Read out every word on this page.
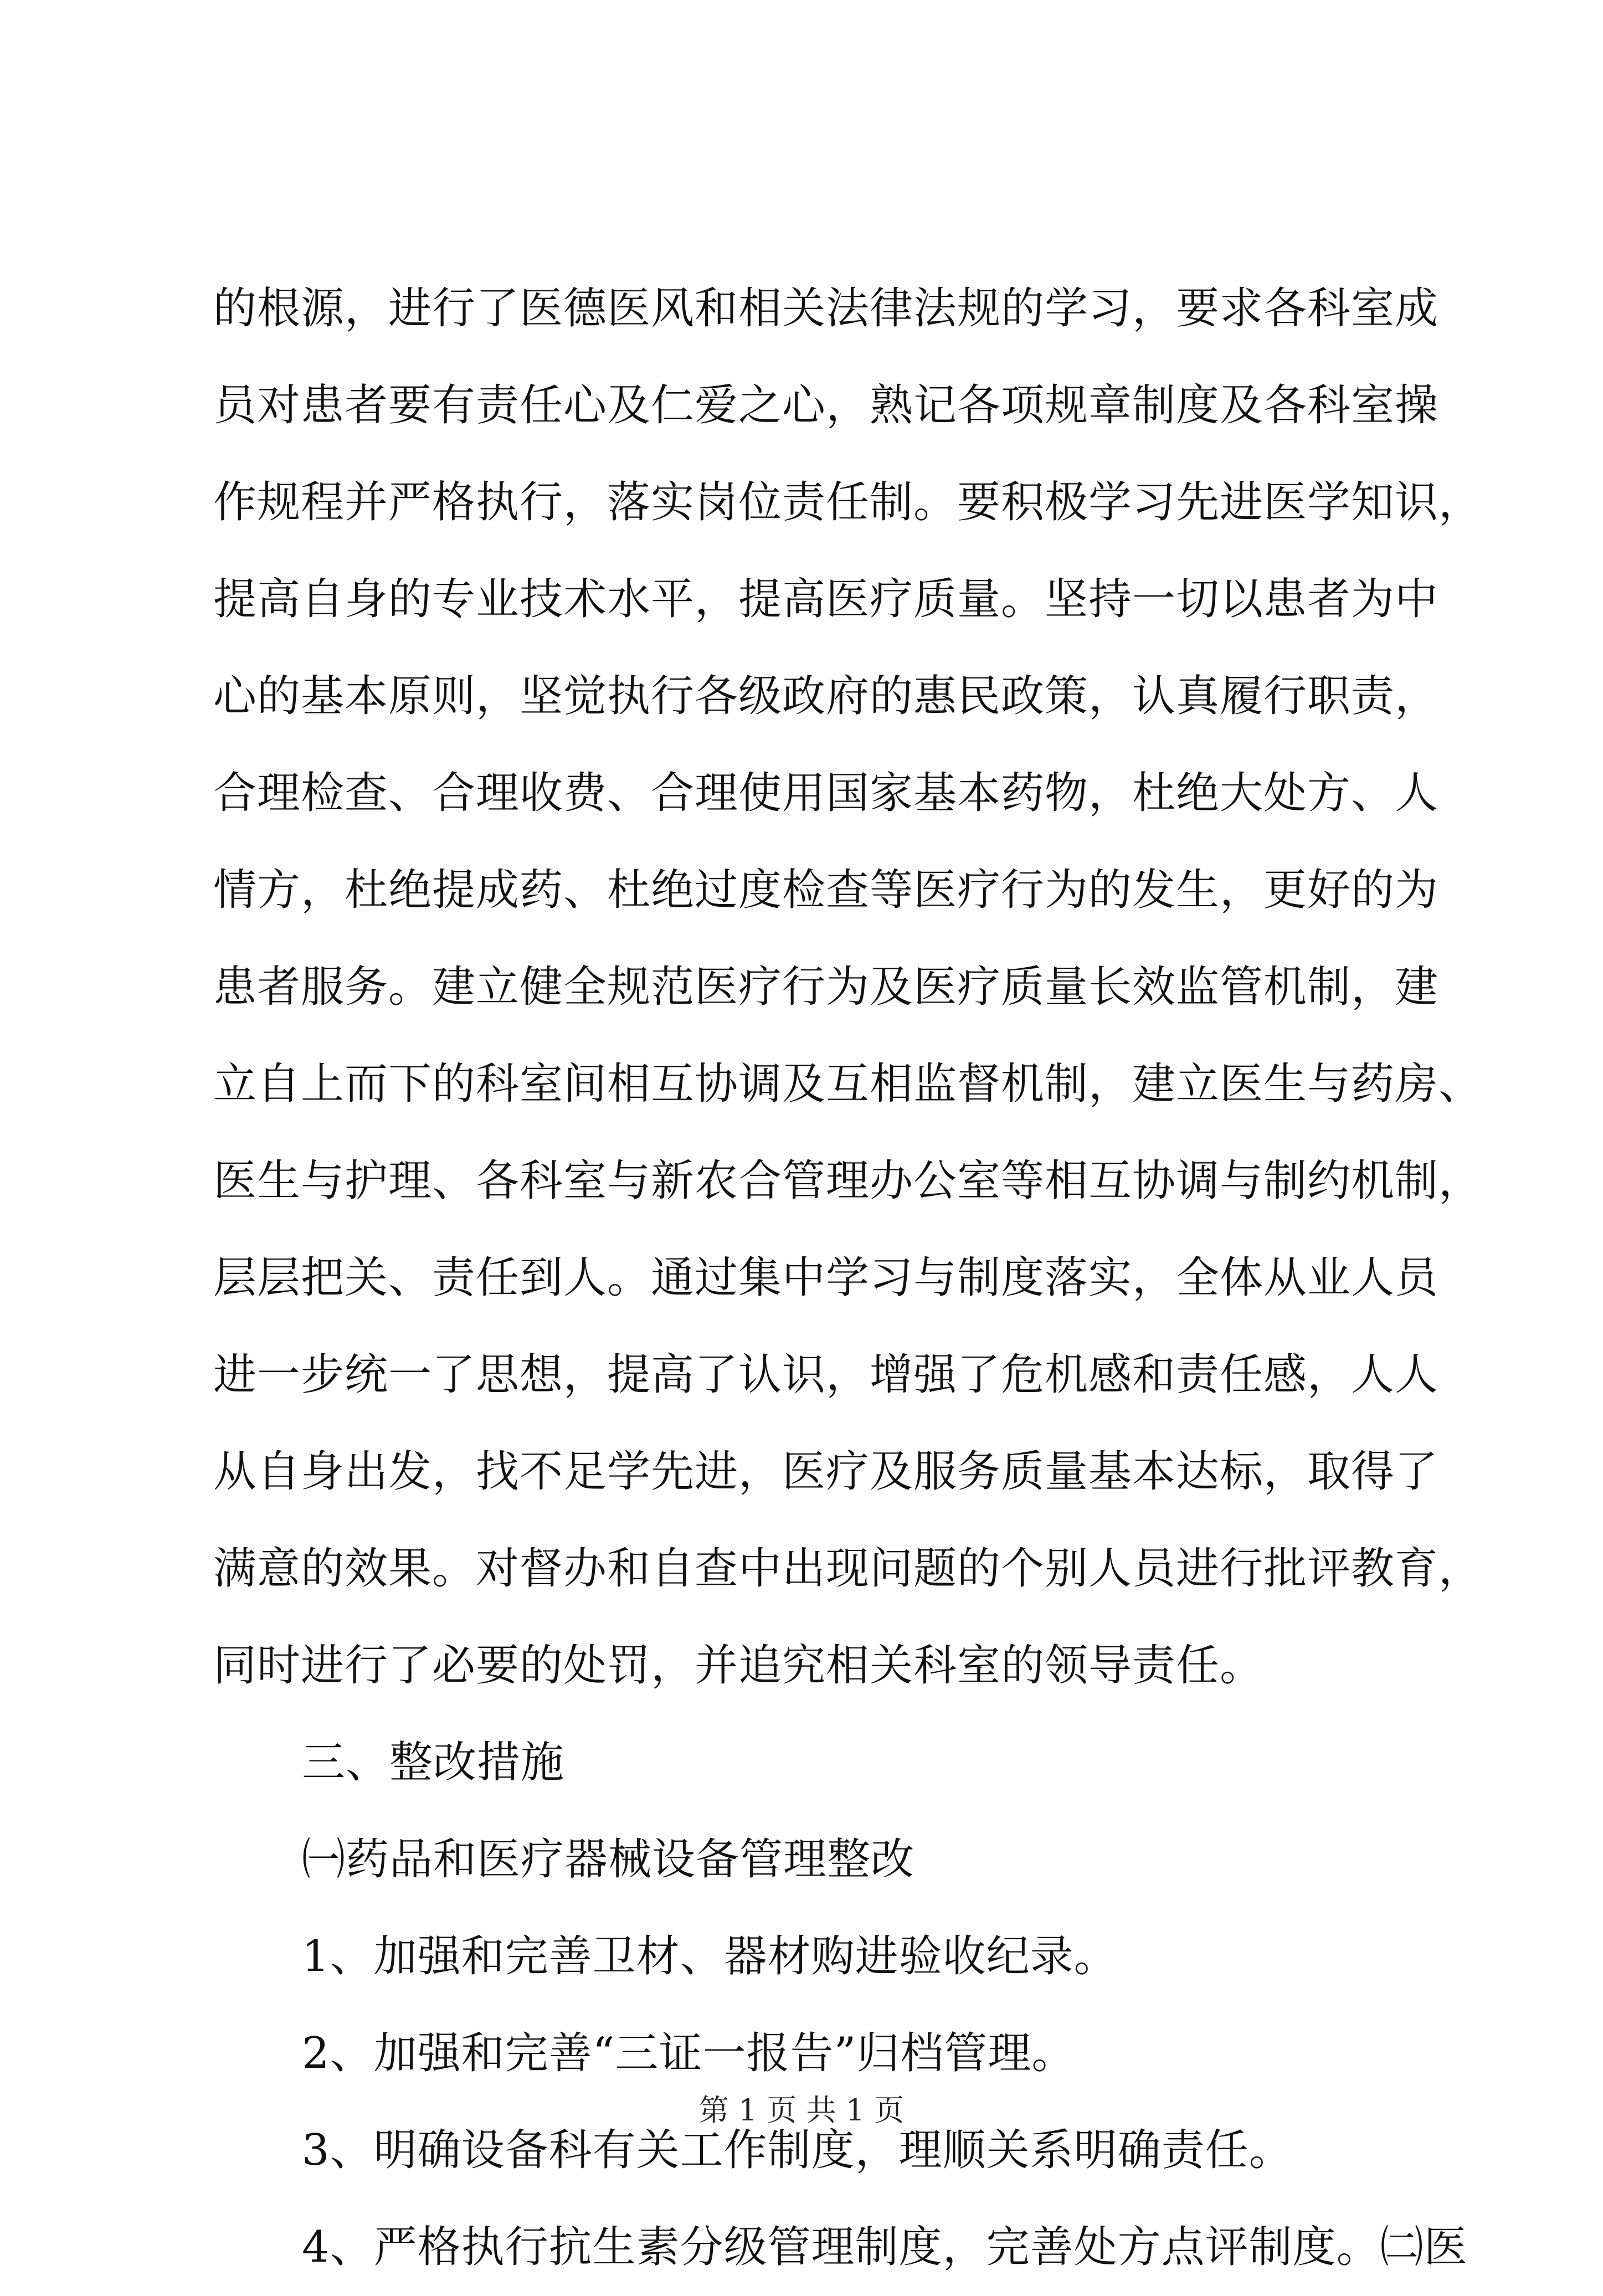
的根源，进行了医德医风和相关法律法规的学习，要求各科室成
员对患者要有责任心及仁爱之心，熟记各项规章制度及各科室操
作规程并严格执行，落实岗位责任制。要积极学习先进医学知识，
提高自身的专业技术水平，提高医疗质量。坚持一切以患者为中
心的基本原则，坚觉执行各级政府的惠民政策，认真履行职责，
合理检查、合理收费、合理使用国家基本药物，杜绝大处方、人
情方，杜绝提成药、杜绝过度检查等医疗行为的发生，更好的为
患者服务。建立健全规范医疗行为及医疗质量长效监管机制，建
立自上而下的科室间相互协调及互相监督机制，建立医生与药房、
医生与护理、各科室与新农合管理办公室等相互协调与制约机制，
层层把关、责任到人。通过集中学习与制度落实，全体从业人员
进一步统一了思想，提高了认识，增强了危机感和责任感，人人
从自身出发，找不足学先进，医疗及服务质量基本达标，取得了
满意的效果。对督办和自查中出现问题的个别人员进行批评教育，
同时进行了必要的处罚，并追究相关科室的领导责任。
三、整改措施
㈠药品和医疗器械设备管理整改
1、加强和完善卫材、器材购进验收纪录。
2、加强和完善“三证一报告”归档管理。
3、明确设备科有关工作制度，理顺关系明确责任。
4、严格执行抗生素分级管理制度，完善处方点评制度。㈡医
第 1 页 共 1 页
